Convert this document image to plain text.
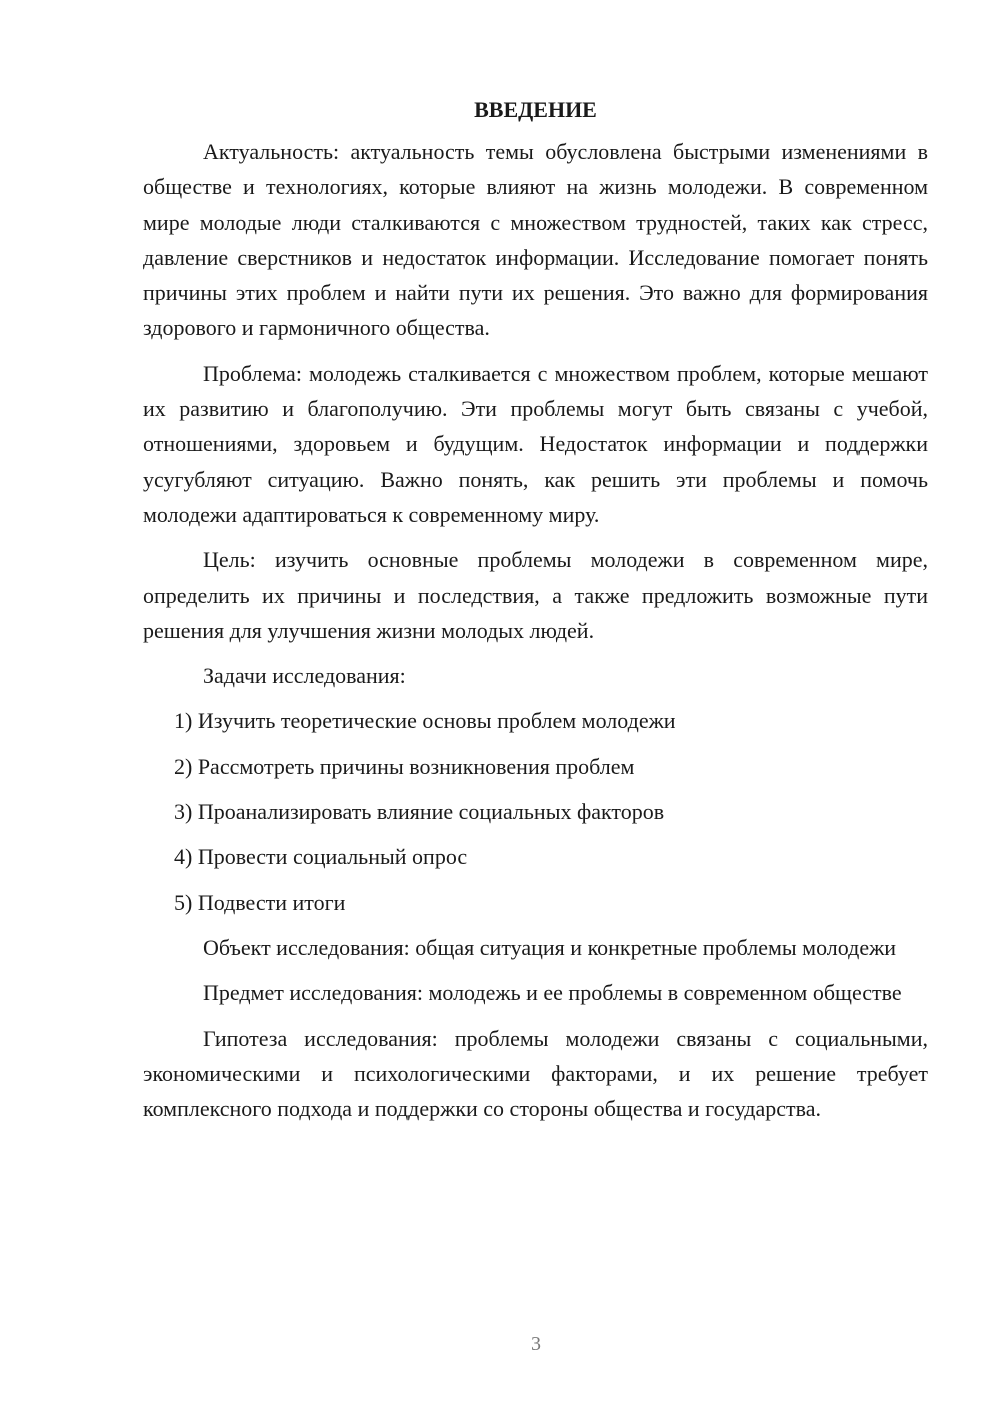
ВВЕДЕНИЕ

Актуальность: актуальность темы обусловлена быстрыми изменениями в обществе и технологиях, которые влияют на жизнь молодежи. В современном мире молодые люди сталкиваются с множеством трудностей, таких как стресс, давление сверстников и недостаток информации. Исследование помогает понять причины этих проблем и найти пути их решения. Это важно для формирования здорового и гармоничного общества.

Проблема: молодежь сталкивается с множеством проблем, которые мешают их развитию и благополучию. Эти проблемы могут быть связаны с учебой, отношениями, здоровьем и будущим. Недостаток информации и поддержки усугубляют ситуацию. Важно понять, как решить эти проблемы и помочь молодежи адаптироваться к современному миру.

Цель: изучить основные проблемы молодежи в современном мире, определить их причины и последствия, а также предложить возможные пути решения для улучшения жизни молодых людей.

Задачи исследования:

1) Изучить теоретические основы проблем молодежи
2) Рассмотреть причины возникновения проблем
3) Проанализировать влияние социальных факторов
4) Провести социальный опрос
5) Подвести итоги

Объект исследования: общая ситуация и конкретные проблемы молодежи

Предмет исследования: молодежь и ее проблемы в современном обществе

Гипотеза исследования: проблемы молодежи связаны с социальными, экономическими и психологическими факторами, и их решение требует комплексного подхода и поддержки со стороны общества и государства.

3
